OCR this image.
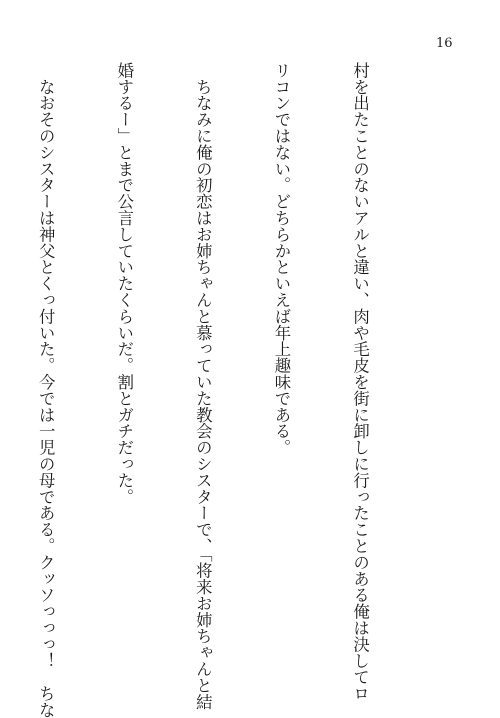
16

村を出たことのないアルと違い、肉や毛皮を街に卸しに行ったことのある俺は決してロ

リコンではない。どちらかといえば年上趣味である。

　ちなみに俺の初恋はお姉ちゃんと慕っていた教会のシスターで、「将来お姉ちゃんと結

婚するー」とまで公言していたくらいだ。割とガチだった。

　なおそのシスターは神父とくっ付いた。今では一児の母である。クッソっっっ！　ちな
